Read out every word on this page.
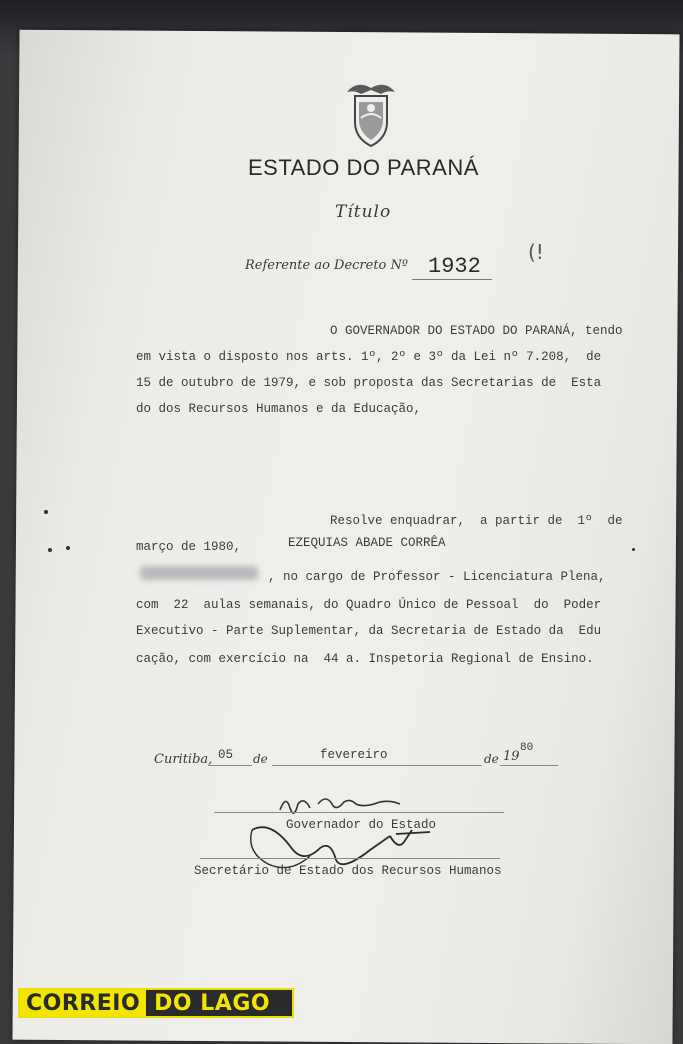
ESTADO DO PARANÁ
Título
Referente ao Decreto Nº 1932
(!
O GOVERNADOR DO ESTADO DO PARANÁ, tendo
em vista o disposto nos arts. 1º, 2º e 3º da Lei nº 7.208,  de
15 de outubro de 1979, e sob proposta das Secretarias de  Esta
do dos Recursos Humanos e da Educação,
Resolve enquadrar,  a partir de  1º  de
março de 1980,	EZEQUIAS ABADE CORRÊA
, no cargo de Professor - Licenciatura Plena,
com  22  aulas semanais, do Quadro Único de Pessoal  do  Poder
Executivo - Parte Suplementar, da Secretaria de Estado da  Edu
cação, com exercício na  44 a. Inspetoria Regional de Ensino.
Curitiba, 05 de	fevereiro	de 19
80
Governador do Estado
Secretário de Estado dos Recursos Humanos
CORREIO DO LAGO
